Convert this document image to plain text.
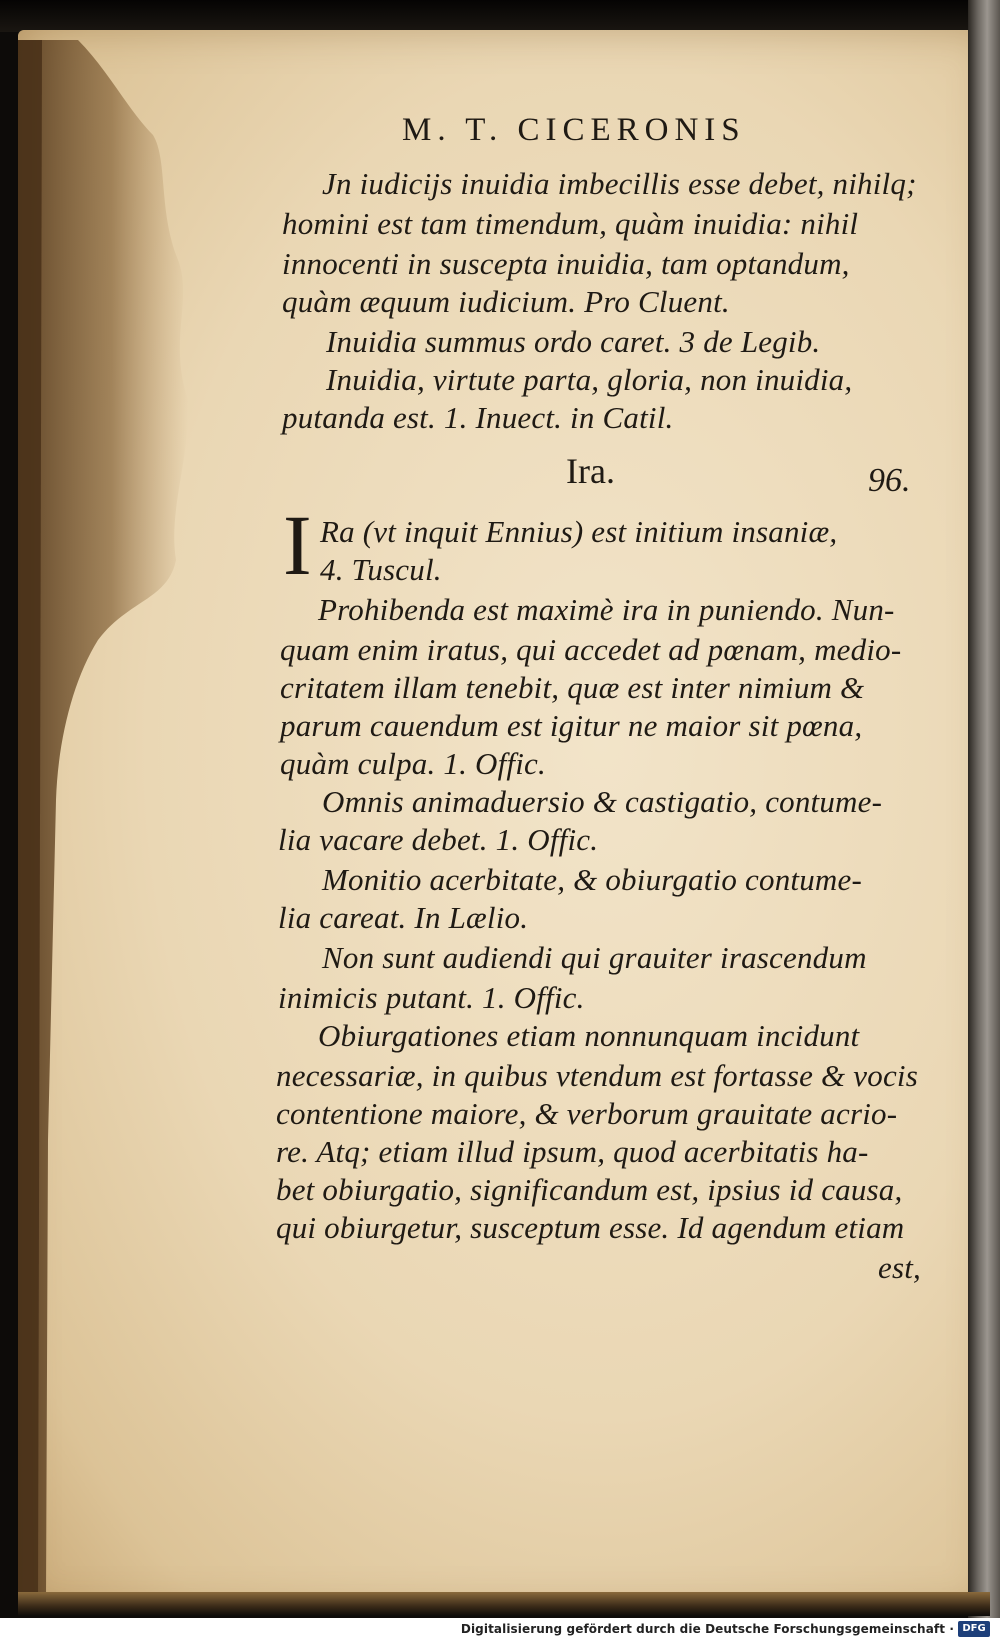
M. T. CICERONIS
Jn iudicijs inuidia imbecillis esse debet, nihilq;
homini est tam timendum, quàm inuidia: nihil
innocenti in suscepta inuidia, tam optandum,
quàm æquum iudicium. Pro Cluent.
Inuidia summus ordo caret. 3 de Legib.
Inuidia, virtute parta, gloria, non inuidia,
putanda est. 1. Inuect. in Catil.
Ira.	96.
I Ra (vt inquit Ennius) est initium insaniæ,
4. Tuscul.
Prohibenda est maximè ira in puniendo. Nun-
quam enim iratus, qui accedet ad pœnam, medio-
critatem illam tenebit, quæ est inter nimium &
parum cauendum est igitur ne maior sit pœna,
quàm culpa. 1. Offic.
Omnis animaduersio & castigatio, contume-
lia vacare debet. 1. Offic.
Monitio acerbitate, & obiurgatio contume-
lia careat. In Lælio.
Non sunt audiendi qui grauiter irascendum
inimicis putant. 1. Offic.
Obiurgationes etiam nonnunquam incidunt
necessariæ, in quibus vtendum est fortasse & vocis
contentione maiore, & verborum grauitate acrio-
re. Atq; etiam illud ipsum, quod acerbitatis ha-
bet obiurgatio, significandum est, ipsius id causa,
qui obiurgetur, susceptum esse. Id agendum etiam
est,
Digitalisierung gefördert durch die Deutsche Forschungsgemeinschaft · DFG
